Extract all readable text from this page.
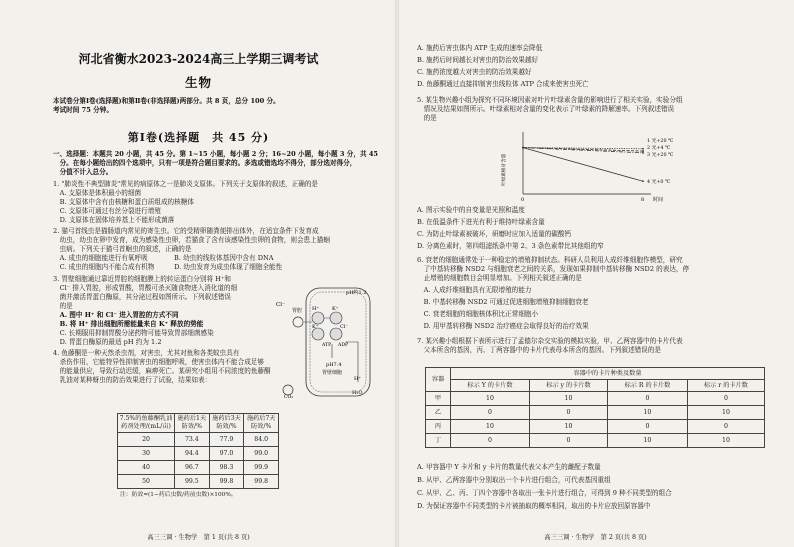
河北省衡水2023-2024高三上学期三调考试
生物
本试卷分第Ⅰ卷(选择题)和第Ⅱ卷(非选择题)两部分。共 8 页，总分 100 分。
考试时间 75 分钟。
第Ⅰ卷(选择题　共 45 分)
一、选择题：本题共 20 小题，共 45 分。第 1~15 小题，每小题 2 分；16~20 小题，每小题 3 分，共 45
　分。在每小题给出的四个选项中，只有一项是符合题目要求的。多选或错选均不得分，部分选对得分，
　分值不计入总分。
1. "肺炎性不典型肺炎"常见的病原体之一是肺炎支原体。下列关于支原体的叙述，正确的是
　A. 支原体是体积最小的细菌
　B. 支原体中含有由核糖和蛋白质组成的核糖体
　C. 支原体可通过有丝分裂进行增殖
　D. 支原体在固体培养基上不能形成菌落
2. 猫弓首线虫是猫肠道内常见的寄生虫。它的受精卵随粪便排出体外，在适宜条件下发育成
　幼虫，幼虫在卵中发育，成为感染性虫卵，若猫食了含有该感染性虫卵的食物，则会患上猫蛔
　虫病。下列关于猫弓首蛔虫的叙述，正确的是
　A. 成虫的细胞能进行有氧呼吸　　　　B. 幼虫的线粒体基因中含有 DNA
　C. 成虫的细胞内不能合成有机物　　　D. 幼虫发育为成虫体现了细胞全能性
3. 胃壁细胞通过靠近胃腔的细胞膜上的转运蛋白分别将 H⁺和
　Cl⁻ 排入胃腔，形成胃酸，胃酸可杀灭随食物进入消化道的细
　菌并激活胃蛋白酶原，其分泌过程如图所示。下列叙述错误
　的是
　A. 图中 H⁺ 和 Cl⁻ 进入胃腔的方式不同
　B. 将 H⁺ 排出细胞所需能量来自 K⁺ 释放的势能
　C. 长期服用抑制胃酸分泌药物可能导致胃部细菌感染
　D. 胃蛋白酶原的最适 pH 约为 1.2
Cl⁻
胃腔
pH约1.2
H⁺	K⁺
K⁺	Cl⁻
ATP ADP
pH7.4
胃壁细胞
H⁺
H₂O
CO₂
4. 鱼藤酮是一种天然杀虫剂，对害虫，尤其对鱼和各类蚊虫具有
　杀伤作用，它能特异性抑制害虫的细胞呼吸，使害虫体内不能合成足够
　的能量供应，导致行动迟缓，麻痹死亡。某研究小组用不同浓度的鱼藤酮
　乳油对某种蚜虫的防治效果进行了试验，结果如表：
7.5%的鱼藤酮乳油药剂处理/(mL/亩)	施药后1天防效/%	施药后3天防效/%	施药后7天防效/%
20	73.4	77.9	84.0
30	94.4	97.0	99.0
40	96.7	98.3	99.9
50	99.5	99.8	99.8
注：防效=(1−药后虫数/药前虫数)×100%。
高三三调 · 生物学　第 1 页(共 8 页)
A. 施药后害虫体内 ATP 生成的速率会降低
B. 施药后时间越长对害虫的防治效果越好
C. 施药浓度越大对害虫的防治效果越好
D. 鱼藤酮通过直接抑制害虫线粒体 ATP 合成来使害虫死亡
5. 某生物兴趣小组为探究不同环境因素对叶片叶绿素含量的影响进行了相关实验，实验分组
　情况及结果如图所示。叶绿素相对含量的变化表示了叶绿素的降解速率。下列叙述错误
　的是
叶绿素相对含量
时间
0	8
1 光+20 ℃
2 光+4 ℃
3 光+20 ℃
4 光+0 ℃
A. 图示实验中的自变量是光照和温度
B. 在低温条件下进光有利于维持叶绿素含量
C. 为防止叶绿素被破坏，研磨时应加入适量的碳酸钙
D. 分离色素时，第四组滤纸条中第 2、3 条色素带比其他组的窄
6. 衰老的细胞通常处于一种稳定的增殖抑制状态。科研人员利用人成纤维细胞作模型，研究
　了中基转移酶 NSD2 与细胞衰老之间的关系，发现如果抑制中基转移酶 NSD2 的表达，停
　止增殖的细胞数目会明显增加。下列相关叙述正确的是
　A. 人成纤维细胞具有无限增殖的能力
　B. 中基转移酶 NSD2 可通过促进细胞增殖抑制细胞衰老
　C. 衰老细胞的细胞核体积比正常细胞小
　D. 用甲基转移酶 NSD2 治疗癌症会取得良好的治疗效果
7. 某兴趣小组根据下表所示进行了孟德尔杂交实验的模拟实验，甲、乙两容器中的卡片代表
　父本所含的基因，丙、丁两容器中的卡片代表母本所含的基因。下列叙述错误的是
容器	容器中的卡片种类及数量			
	标示 Y 的卡片数	标示 y 的卡片数	标示 R 的卡片数	标示 r 的卡片数
甲	10	10	0	0
乙	0	0	10	10
丙	10	10	0	0
丁	0	0	10	10
A. 甲容器中 Y 卡片和 y 卡片的数量代表父本产生的雌配子数量
B. 从甲、乙两容器中分别取出一个卡片进行组合，可代表基因重组
C. 从甲、乙、丙、丁四个容器中各取出一张卡片进行组合，可得到 9 种不同类型的组合
D. 为保证容器中不同类型的卡片被抽取的概率相同，取出的卡片应放回原容器中
高三三调 · 生物学　第 2 页(共 8 页)
